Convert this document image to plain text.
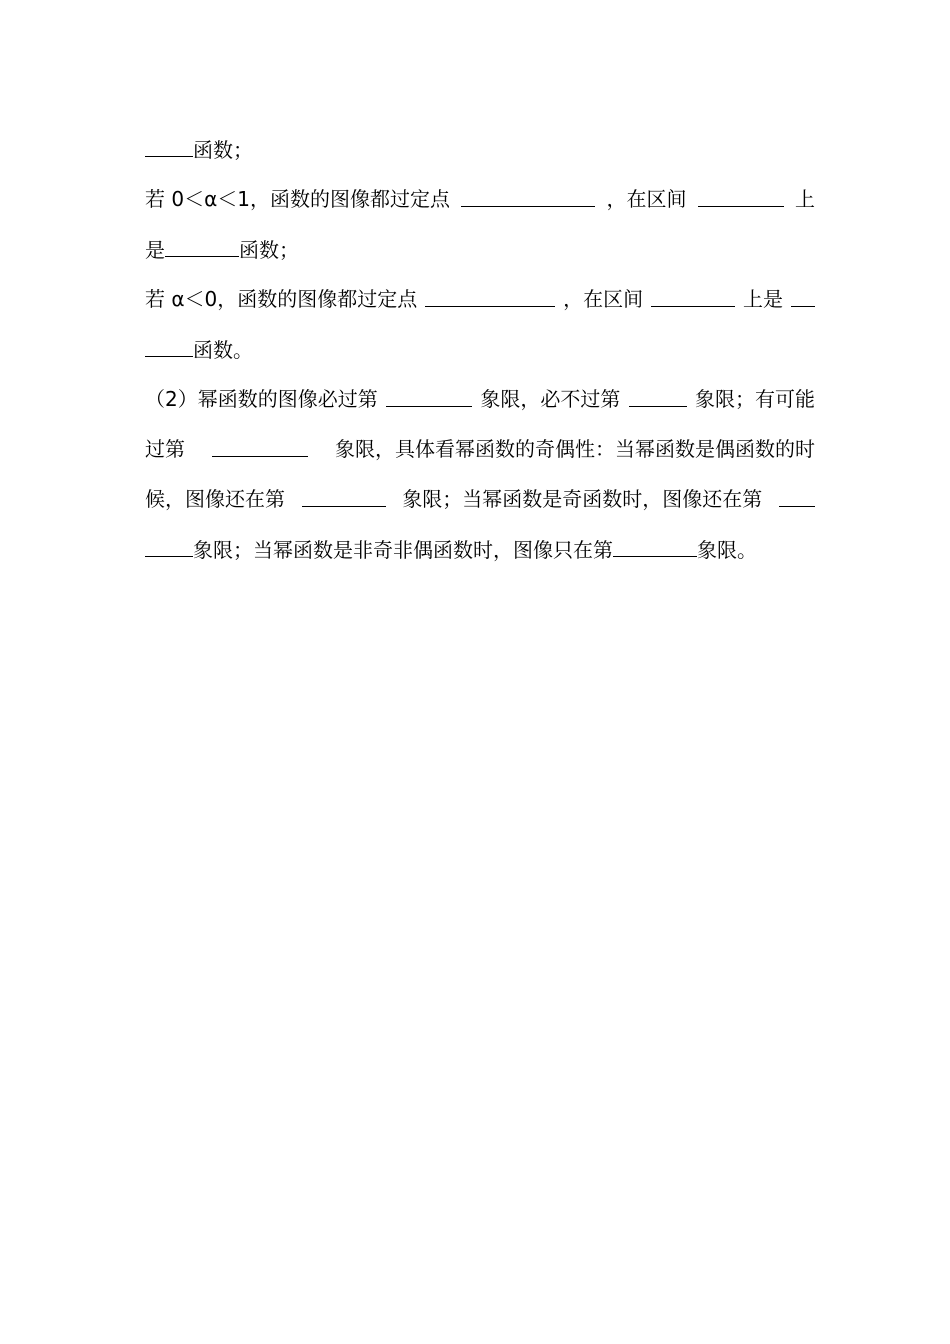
函数；
若 0＜α＜1，函数的图像都过定点	，在区间	上
是	函数；
若 α＜0，函数的图像都过定点	，在区间	上是
函数。
（2）幂函数的图像必过第	象限，必不过第	象限；有可能
过第	象限，具体看幂函数的奇偶性：当幂函数是偶函数的时
候，图像还在第	象限；当幂函数是奇函数时，图像还在第
象限；当幂函数是非奇非偶函数时，图像只在第	象限。
